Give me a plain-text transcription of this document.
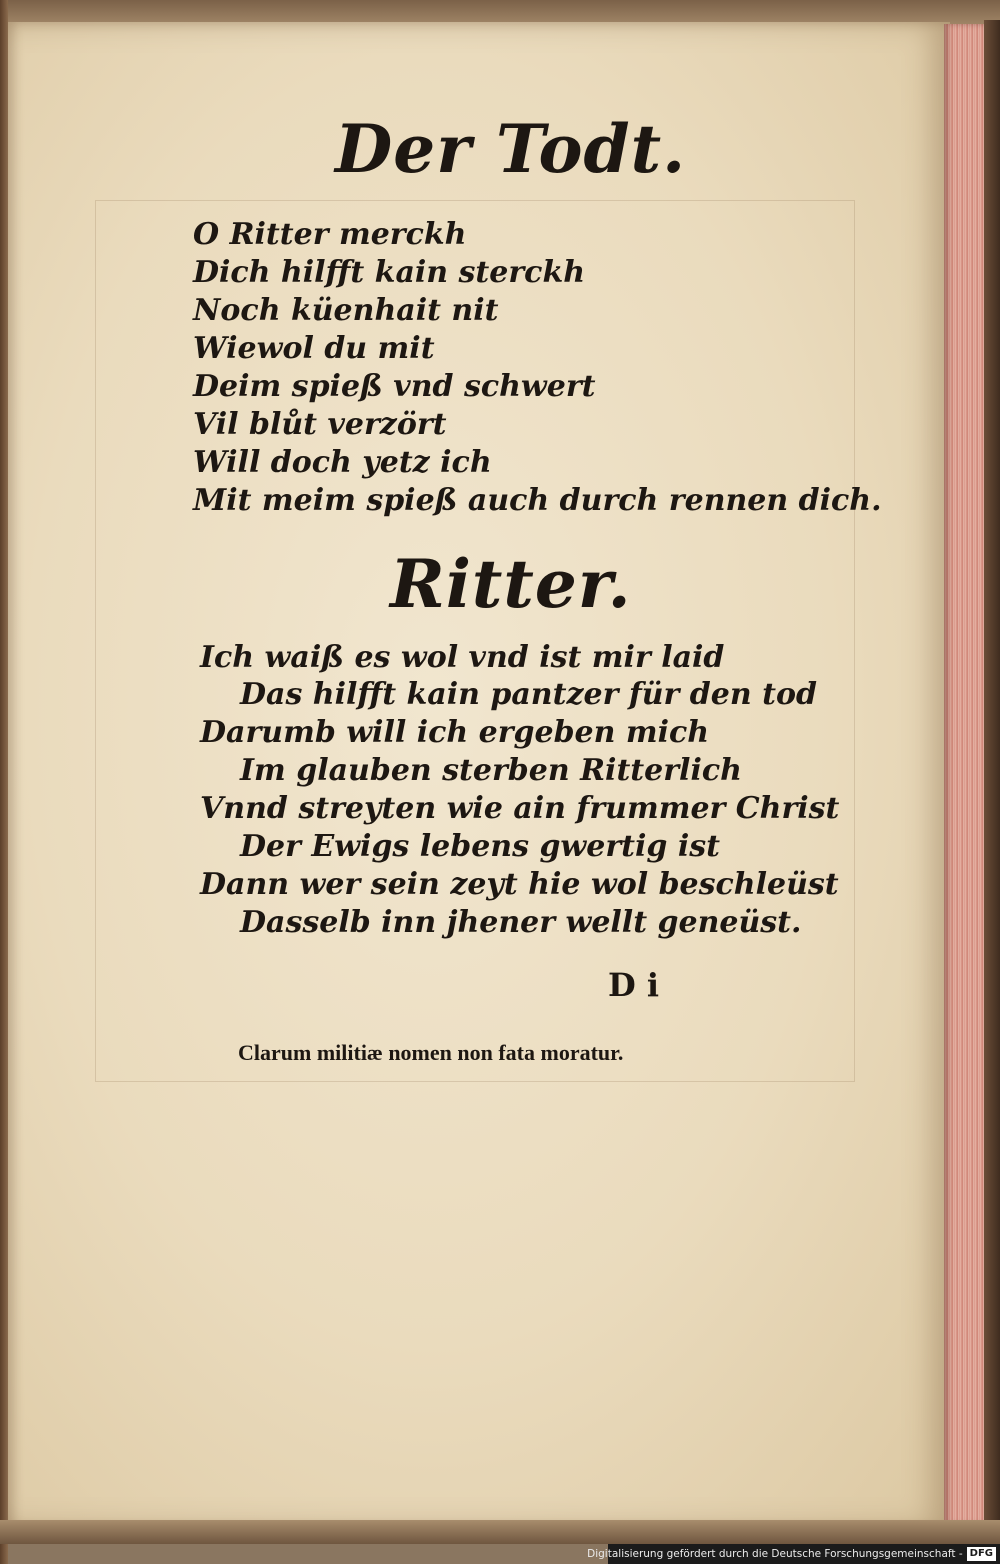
Der Todt.
O Ritter merckh
Dich hilfft kain sterckh
Noch küenhait nit
Wiewol du mit
Deim spieß vnd schwert
Vil blůt verzört
Will doch yetz ich
Mit meim spieß auch durch rennen dich.
Ritter.
Ich waiß es wol vnd ist mir laid
Das hilfft kain pantzer für den tod
Darumb will ich ergeben mich
Im glauben sterben Ritterlich
Vnnd streyten wie ain frummer Christ
Der Ewigs lebens gwertig ist
Dann wer sein zeyt hie wol beschleüst
Dasselb inn jhener wellt geneüst.
D i
Clarum militiæ nomen non fata moratur.
Digitalisierung gefördert durch die Deutsche Forschungsgemeinschaft - DFG
